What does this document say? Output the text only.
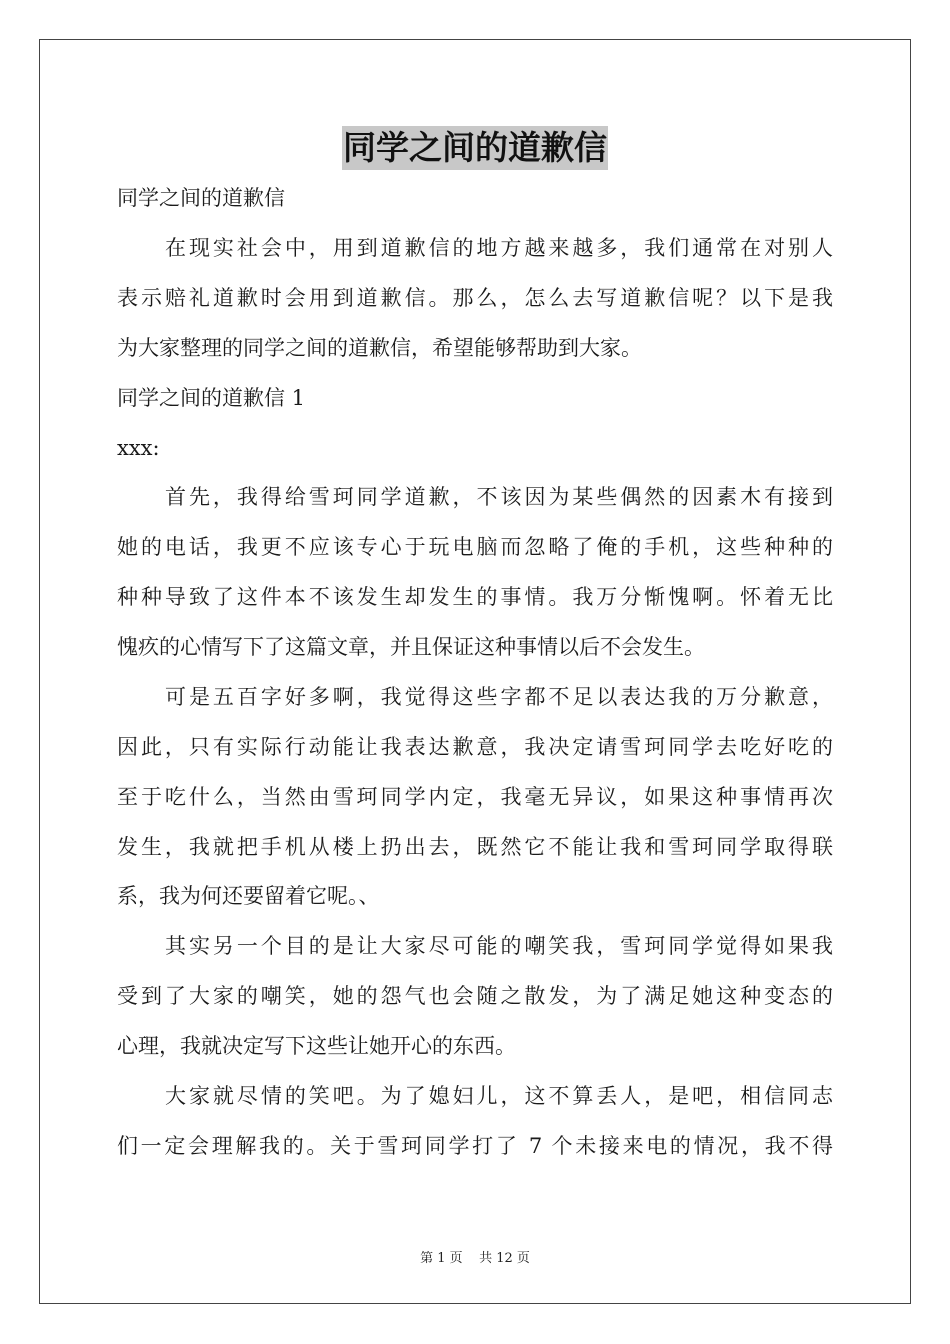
同学之间的道歉信

同学之间的道歉信

在现实社会中，用到道歉信的地方越来越多，我们通常在对别人

表示赔礼道歉时会用到道歉信。那么，怎么去写道歉信呢？以下是我

为大家整理的同学之间的道歉信，希望能够帮助到大家。

同学之间的道歉信 1

xxx:

首先，我得给雪珂同学道歉，不该因为某些偶然的因素木有接到

她的电话，我更不应该专心于玩电脑而忽略了俺的手机，这些种种的

种种导致了这件本不该发生却发生的事情。我万分惭愧啊。怀着无比

愧疚的心情写下了这篇文章，并且保证这种事情以后不会发生。

可是五百字好多啊，我觉得这些字都不足以表达我的万分歉意，

因此，只有实际行动能让我表达歉意，我决定请雪珂同学去吃好吃的

至于吃什么，当然由雪珂同学内定，我毫无异议，如果这种事情再次

发生，我就把手机从楼上扔出去，既然它不能让我和雪珂同学取得联

系，我为何还要留着它呢。、

其实另一个目的是让大家尽可能的嘲笑我，雪珂同学觉得如果我

受到了大家的嘲笑，她的怨气也会随之散发，为了满足她这种变态的

心理，我就决定写下这些让她开心的东西。

大家就尽情的笑吧。为了媳妇儿，这不算丢人，是吧，相信同志

们一定会理解我的。关于雪珂同学打了 7 个未接来电的情况，我不得

第 1 页    共 12 页
